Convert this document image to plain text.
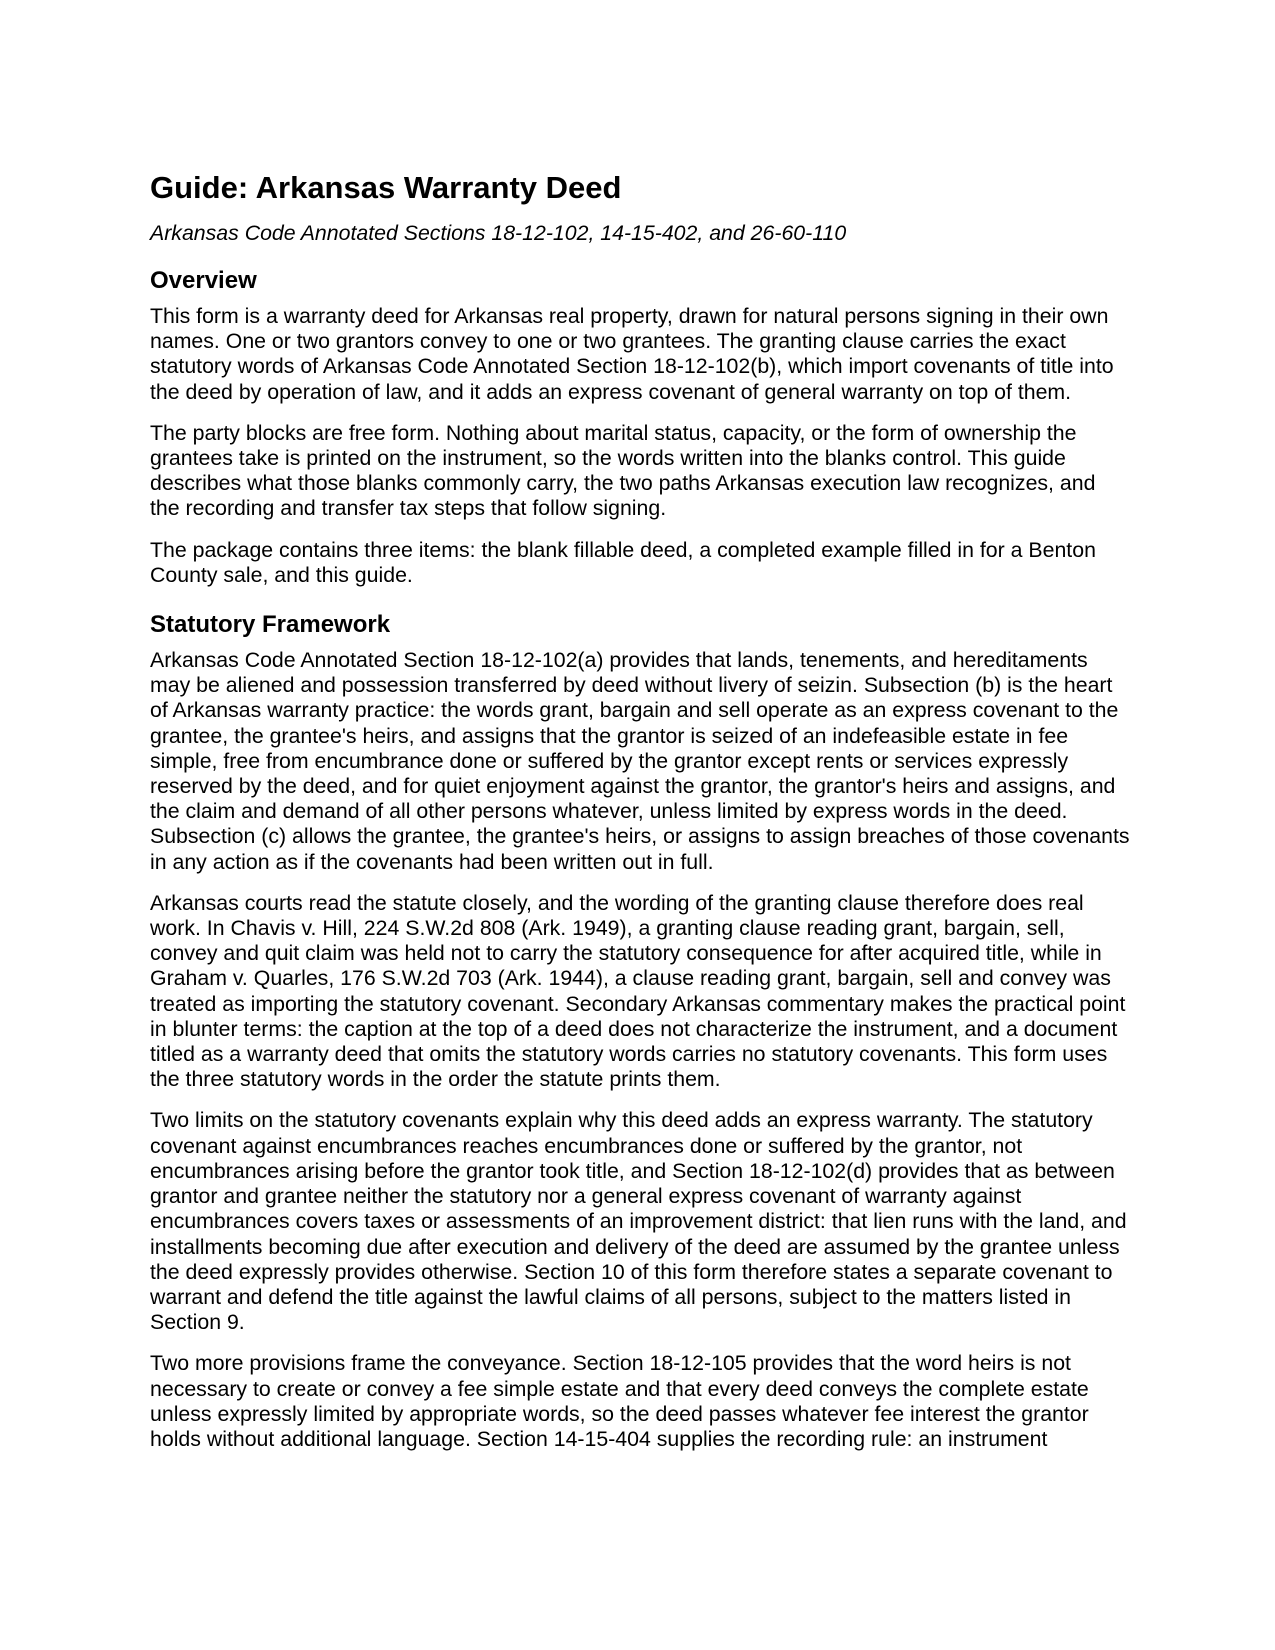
Guide: Arkansas Warranty Deed
Arkansas Code Annotated Sections 18-12-102, 14-15-402, and 26-60-110
Overview

This form is a warranty deed for Arkansas real property, drawn for natural persons signing in their own names. One or two grantors convey to one or two grantees. The granting clause carries the exact statutory words of Arkansas Code Annotated Section 18-12-102(b), which import covenants of title into the deed by operation of law, and it adds an express covenant of general warranty on top of them.

The party blocks are free form. Nothing about marital status, capacity, or the form of ownership the grantees take is printed on the instrument, so the words written into the blanks control. This guide describes what those blanks commonly carry, the two paths Arkansas execution law recognizes, and the recording and transfer tax steps that follow signing.

The package contains three items: the blank fillable deed, a completed example filled in for a Benton County sale, and this guide.

Statutory Framework

Arkansas Code Annotated Section 18-12-102(a) provides that lands, tenements, and hereditaments may be aliened and possession transferred by deed without livery of seizin. Subsection (b) is the heart of Arkansas warranty practice: the words grant, bargain and sell operate as an express covenant to the grantee, the grantee's heirs, and assigns that the grantor is seized of an indefeasible estate in fee simple, free from encumbrance done or suffered by the grantor except rents or services expressly reserved by the deed, and for quiet enjoyment against the grantor, the grantor's heirs and assigns, and the claim and demand of all other persons whatever, unless limited by express words in the deed. Subsection (c) allows the grantee, the grantee's heirs, or assigns to assign breaches of those covenants in any action as if the covenants had been written out in full.

Arkansas courts read the statute closely, and the wording of the granting clause therefore does real work. In Chavis v. Hill, 224 S.W.2d 808 (Ark. 1949), a granting clause reading grant, bargain, sell, convey and quit claim was held not to carry the statutory consequence for after acquired title, while in Graham v. Quarles, 176 S.W.2d 703 (Ark. 1944), a clause reading grant, bargain, sell and convey was treated as importing the statutory covenant. Secondary Arkansas commentary makes the practical point in blunter terms: the caption at the top of a deed does not characterize the instrument, and a document titled as a warranty deed that omits the statutory words carries no statutory covenants. This form uses the three statutory words in the order the statute prints them.

Two limits on the statutory covenants explain why this deed adds an express warranty. The statutory covenant against encumbrances reaches encumbrances done or suffered by the grantor, not encumbrances arising before the grantor took title, and Section 18-12-102(d) provides that as between grantor and grantee neither the statutory nor a general express covenant of warranty against encumbrances covers taxes or assessments of an improvement district: that lien runs with the land, and installments becoming due after execution and delivery of the deed are assumed by the grantee unless the deed expressly provides otherwise. Section 10 of this form therefore states a separate covenant to warrant and defend the title against the lawful claims of all persons, subject to the matters listed in Section 9.

Two more provisions frame the conveyance. Section 18-12-105 provides that the word heirs is not necessary to create or convey a fee simple estate and that every deed conveys the complete estate unless expressly limited by appropriate words, so the deed passes whatever fee interest the grantor holds without additional language. Section 14-15-404 supplies the recording rule: an instrument
